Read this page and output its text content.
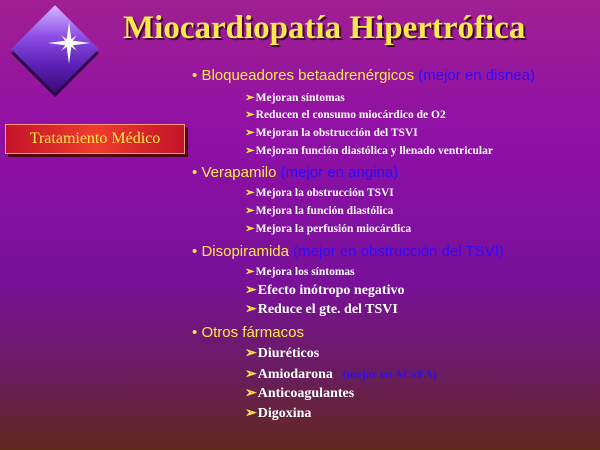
Miocardiopatía Hipertrófica
Tratamiento Médico
• Bloqueadores betaadrenérgicos (mejor en disnea)
➢Mejoran síntomas
➢Reducen el consumo miocárdico de O2
➢Mejoran la obstrucción del TSVI
➢Mejoran función diastólica y llenado ventricular
• Verapamilo (mejor en angina)
➢Mejora la obstrucción TSVI
➢Mejora la función diastólica
➢Mejora la perfusión miocárdica
• Disopiramida (mejor en obstrucción del TSVI)
➢Mejora los síntomas
➢Efecto inótropo negativo
➢Reduce el gte. del TSVI
• Otros fármacos
➢Diuréticos
➢Amiodarona (mejor en ACxFA)
➢Anticoagulantes
➢Digoxina
